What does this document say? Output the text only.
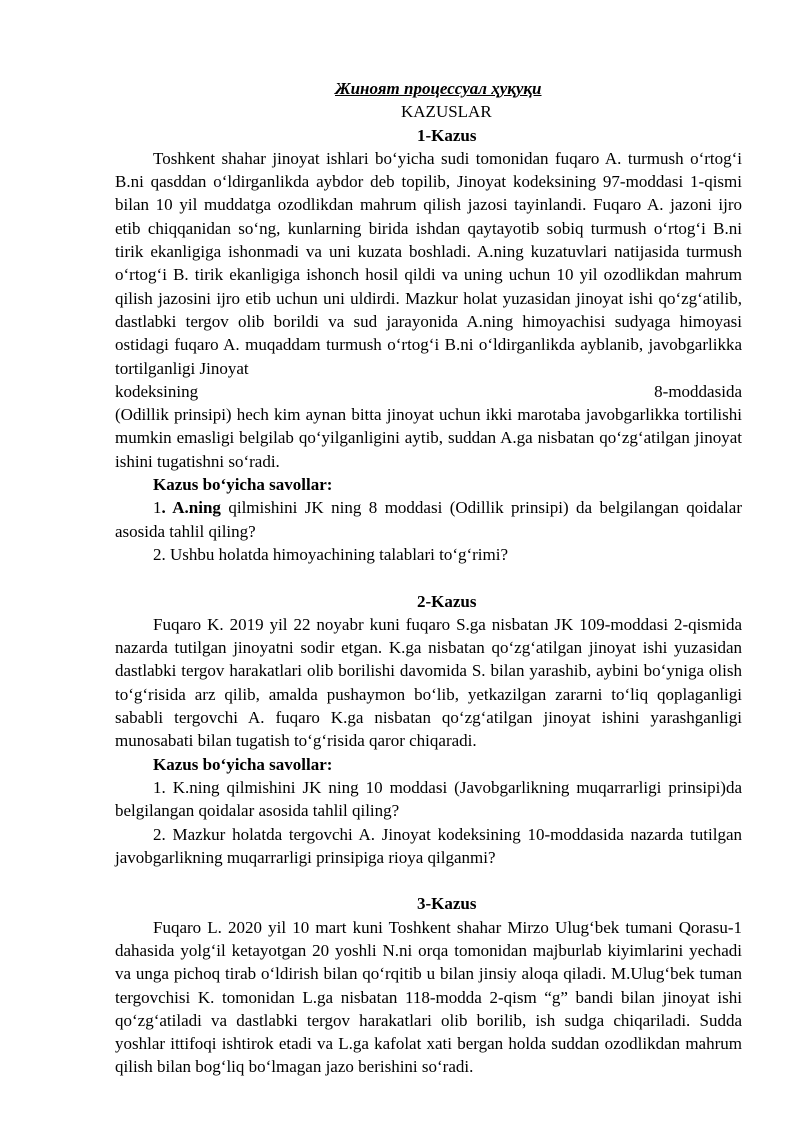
Жиноят процессуал ҳуқуқи
KAZUSLAR
1-Kazus

Toshkent shahar jinoyat ishlari bo‘yicha sudi tomonidan fuqaro A. turmush o‘rtog‘i B.ni qasddan o‘ldirganlikda aybdor deb topilib, Jinoyat kodeksining 97-moddasi 1-qismi bilan 10 yil muddatga ozodlikdan mahrum qilish jazosi tayinlandi. Fuqaro A. jazoni ijro etib chiqqanidan so‘ng, kunlarning birida ishdan qaytayotib sobiq turmush o‘rtog‘i B.ni tirik ekanligiga ishonmadi va uni kuzata boshladi. A.ning kuzatuvlari natijasida turmush o‘rtog‘i B. tirik ekanligiga ishonch hosil qildi va uning uchun 10 yil ozodlikdan mahrum qilish jazosini ijro etib uchun uni uldirdi. Mazkur holat yuzasidan jinoyat ishi qo‘zg‘atilib, dastlabki tergov olib borildi va sud jarayonida A.ning himoyachisi sudyaga himoyasi ostidagi fuqaro A. muqaddam turmush o‘rtog‘i B.ni o‘ldirganlikda ayblanib, javobgarlikka tortilganligi Jinoyat

kodeksining	8-moddasida

(Odillik prinsipi) hech kim aynan bitta jinoyat uchun ikki marotaba javobgarlikka tortilishi mumkin emasligi belgilab qo‘yilganligini aytib, suddan A.ga nisbatan qo‘zg‘atilgan jinoyat ishini tugatishni so‘radi.

Kazus bo‘yicha savollar:

1. A.ning qilmishini JK ning 8 moddasi (Odillik prinsipi) da belgilangan qoidalar asosida tahlil qiling?

2. Ushbu holatda himoyachining talablari to‘g‘rimi?

2-Kazus

Fuqaro K. 2019 yil 22 noyabr kuni fuqaro S.ga nisbatan JK 109-moddasi 2-qismida nazarda tutilgan jinoyatni sodir etgan. K.ga nisbatan qo‘zg‘atilgan jinoyat ishi yuzasidan dastlabki tergov harakatlari olib borilishi davomida S. bilan yarashib, aybini bo‘yniga olish to‘g‘risida arz qilib, amalda pushaymon bo‘lib, yetkazilgan zararni to‘liq qoplaganligi sababli tergovchi A. fuqaro K.ga nisbatan qo‘zg‘atilgan jinoyat ishini yarashganligi munosabati bilan tugatish to‘g‘risida qaror chiqaradi.

Kazus bo‘yicha savollar:

1. K.ning qilmishini JK ning 10 moddasi (Javobgarlikning muqarrarligi prinsipi)da belgilangan qoidalar asosida tahlil qiling?

2. Mazkur holatda tergovchi A. Jinoyat kodeksining 10-moddasida nazarda tutilgan javobgarlikning muqarrarligi prinsipiga rioya qilganmi?

3-Kazus

Fuqaro L. 2020 yil 10 mart kuni Toshkent shahar Mirzo Ulug‘bek tumani Qorasu-1 dahasida yolg‘il ketayotgan 20 yoshli N.ni orqa tomonidan majburlab kiyimlarini yechadi va unga pichoq tirab o‘ldirish bilan qo‘rqitib u bilan jinsiy aloqa qiladi. M.Ulug‘bek tuman tergovchisi K. tomonidan L.ga nisbatan 118-modda 2-qism “g” bandi bilan jinoyat ishi qo‘zg‘atiladi va dastlabki tergov harakatlari olib borilib, ish sudga chiqariladi. Sudda yoshlar ittifoqi ishtirok etadi va L.ga kafolat xati bergan holda suddan ozodlikdan mahrum qilish bilan bog‘liq bo‘lmagan jazo berishini so‘radi.
